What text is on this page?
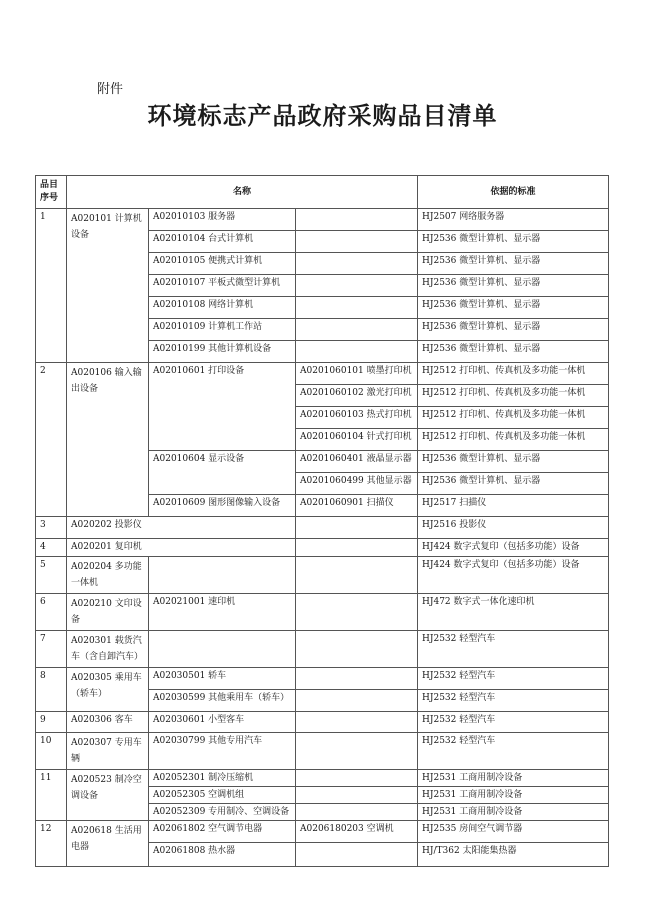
附件
环境标志产品政府采购品目清单
品目序号	名称			依据的标准
1	A020101 计算机设备	A02010103 服务器		HJ2507 网络服务器
		A02010104 台式计算机		HJ2536 微型计算机、显示器
		A02010105 便携式计算机		HJ2536 微型计算机、显示器
		A02010107 平板式微型计算机		HJ2536 微型计算机、显示器
		A02010108 网络计算机		HJ2536 微型计算机、显示器
		A02010109 计算机工作站		HJ2536 微型计算机、显示器
		A02010199 其他计算机设备		HJ2536 微型计算机、显示器
2	A020106 输入输出设备	A02010601 打印设备	A0201060101 喷墨打印机	HJ2512 打印机、传真机及多功能一体机
			A0201060102 激光打印机	HJ2512 打印机、传真机及多功能一体机
			A0201060103 热式打印机	HJ2512 打印机、传真机及多功能一体机
			A0201060104 针式打印机	HJ2512 打印机、传真机及多功能一体机
		A02010604 显示设备	A0201060401 液晶显示器	HJ2536 微型计算机、显示器
			A0201060499 其他显示器	HJ2536 微型计算机、显示器
		A02010609 图形图像输入设备	A0201060901 扫描仪	HJ2517 扫描仪
3	A020202 投影仪			HJ2516 投影仪
4	A020201 复印机			HJ424 数字式复印（包括多功能）设备
5	A020204 多功能一体机			HJ424 数字式复印（包括多功能）设备
6	A020210 文印设备	A02021001 速印机		HJ472 数字式一体化速印机
7	A020301 载货汽车（含自卸汽车）			HJ2532 轻型汽车
8	A020305 乘用车（轿车）	A02030501 轿车		HJ2532 轻型汽车
		A02030599 其他乘用车（轿车）		HJ2532 轻型汽车
9	A020306 客车	A02030601 小型客车		HJ2532 轻型汽车
10	A020307 专用车辆	A02030799 其他专用汽车		HJ2532 轻型汽车
11	A020523 制冷空调设备	A02052301 制冷压缩机		HJ2531 工商用制冷设备
		A02052305 空调机组		HJ2531 工商用制冷设备
		A02052309 专用制冷、空调设备		HJ2531 工商用制冷设备
12	A020618 生活用电器	A02061802 空气调节电器	A0206180203 空调机	HJ2535 房间空气调节器
		A02061808 热水器		HJ/T362 太阳能集热器
